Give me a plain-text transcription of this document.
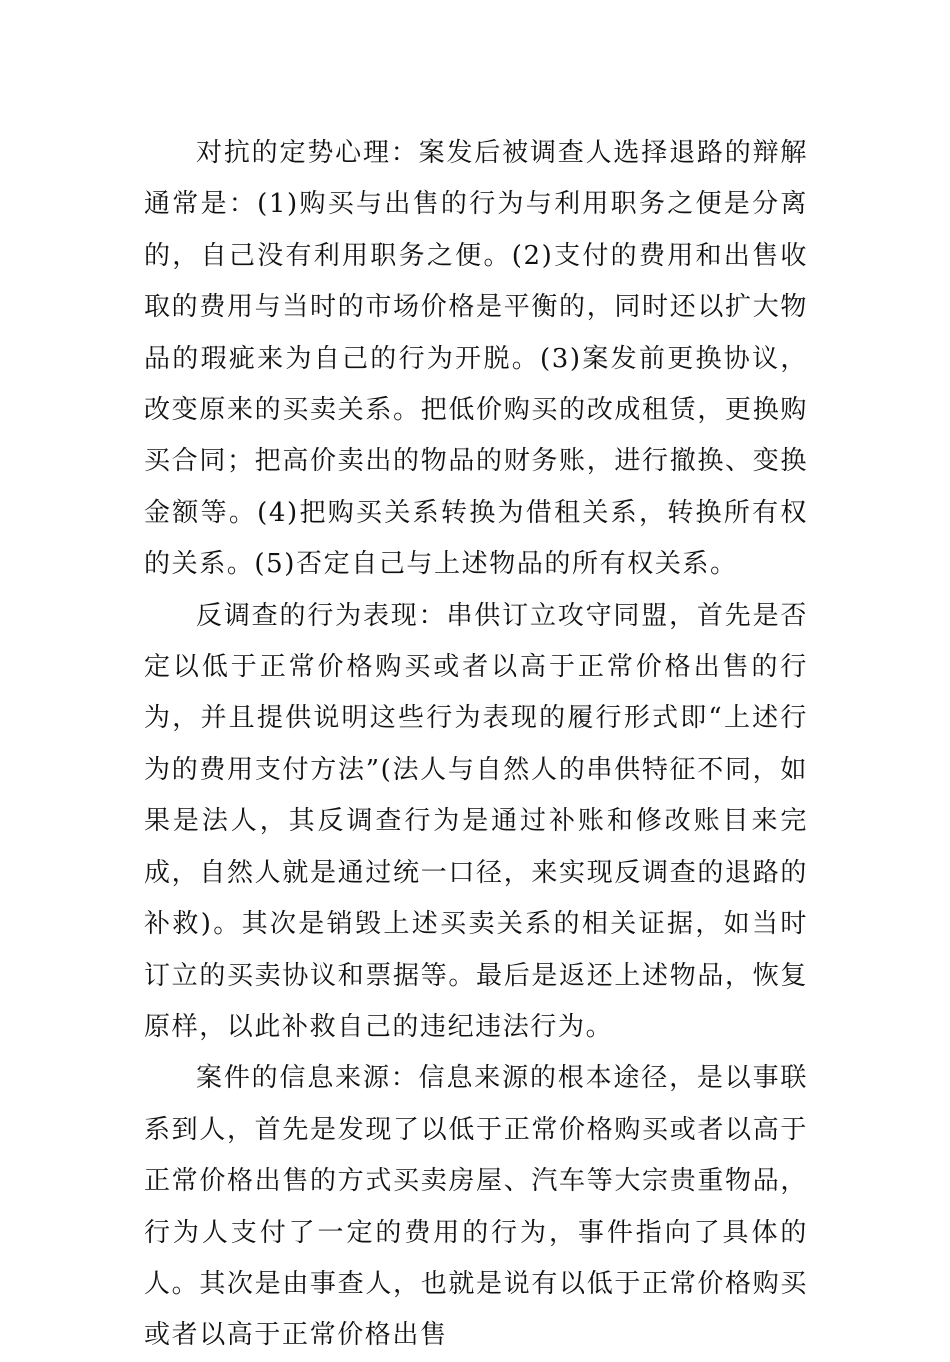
对抗的定势心理：案发后被调查人选择退路的辩解通常是：(1)购买与出售的行为与利用职务之便是分离的，自己没有利用职务之便。(2)支付的费用和出售收取的费用与当时的市场价格是平衡的，同时还以扩大物品的瑕疵来为自己的行为开脱。(3)案发前更换协议，改变原来的买卖关系。把低价购买的改成租赁，更换购买合同；把高价卖出的物品的财务账，进行撤换、变换金额等。(4)把购买关系转换为借租关系，转换所有权的关系。(5)否定自己与上述物品的所有权关系。

反调查的行为表现：串供订立攻守同盟，首先是否定以低于正常价格购买或者以高于正常价格出售的行为，并且提供说明这些行为表现的履行形式即“上述行为的费用支付方法”(法人与自然人的串供特征不同，如果是法人，其反调查行为是通过补账和修改账目来完成，自然人就是通过统一口径，来实现反调查的退路的补救)。其次是销毁上述买卖关系的相关证据，如当时订立的买卖协议和票据等。最后是返还上述物品，恢复原样，以此补救自己的违纪违法行为。

案件的信息来源：信息来源的根本途径，是以事联系到人，首先是发现了以低于正常价格购买或者以高于正常价格出售的方式买卖房屋、汽车等大宗贵重物品，行为人支付了一定的费用的行为，事件指向了具体的人。其次是由事查人，也就是说有以低于正常价格购买或者以高于正常价格出售
